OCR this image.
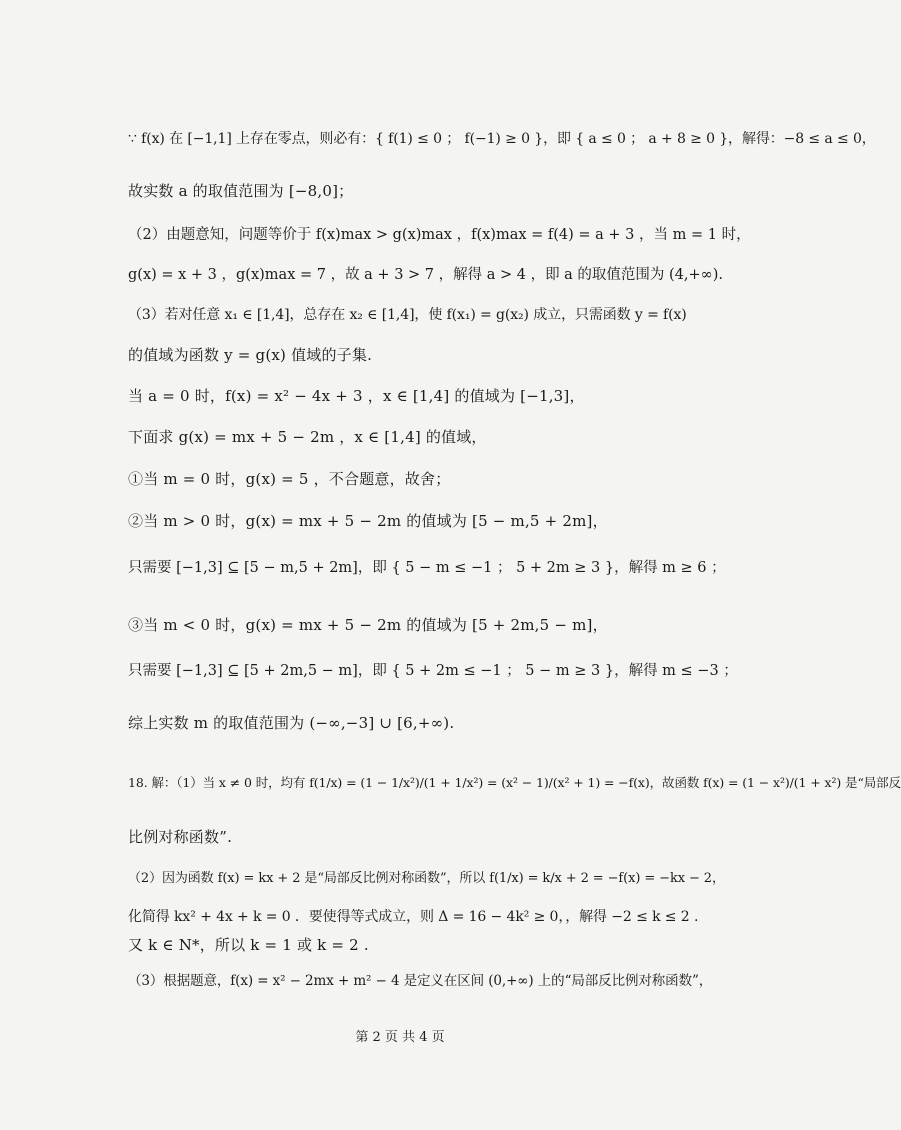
∵ f(x) 在 [−1,1] 上存在零点，则必有：{ f(1) ≤ 0 ； f(−1) ≥ 0 }，即 { a ≤ 0 ； a + 8 ≥ 0 }，解得：−8 ≤ a ≤ 0，
故实数 a 的取值范围为 [−8,0]；
（2）由题意知，问题等价于 f(x)max > g(x)max ，f(x)max = f(4) = a + 3 ，当 m = 1 时，
g(x) = x + 3 ，g(x)max = 7 ，故 a + 3 > 7 ，解得 a > 4 ，即 a 的取值范围为 (4,+∞).
（3）若对任意 x₁ ∈ [1,4]，总存在 x₂ ∈ [1,4]，使 f(x₁) = g(x₂) 成立，只需函数 y = f(x)
的值域为函数 y = g(x) 值域的子集.
当 a = 0 时，f(x) = x² − 4x + 3 ，x ∈ [1,4] 的值域为 [−1,3]，
下面求 g(x) = mx + 5 − 2m ，x ∈ [1,4] 的值域，
①当 m = 0 时，g(x) = 5 ，不合题意，故舍；
②当 m > 0 时，g(x) = mx + 5 − 2m 的值域为 [5 − m,5 + 2m]，
只需要 [−1,3] ⊆ [5 − m,5 + 2m]，即 { 5 − m ≤ −1 ； 5 + 2m ≥ 3 }，解得 m ≥ 6 ；
③当 m < 0 时，g(x) = mx + 5 − 2m 的值域为 [5 + 2m,5 − m]，
只需要 [−1,3] ⊆ [5 + 2m,5 − m]，即 { 5 + 2m ≤ −1 ； 5 − m ≥ 3 }，解得 m ≤ −3 ；
综上实数 m 的取值范围为 (−∞,−3] ∪ [6,+∞).
18. 解：（1）当 x ≠ 0 时，均有 f(1/x) = (1 − 1/x²)/(1 + 1/x²) = (x² − 1)/(x² + 1) = −f(x)，故函数 f(x) = (1 − x²)/(1 + x²) 是“局部反
比例对称函数”.
（2）因为函数 f(x) = kx + 2 是“局部反比例对称函数”，所以 f(1/x) = k/x + 2 = −f(x) = −kx − 2，
化简得 kx² + 4x + k = 0 ．要使得等式成立，则 Δ = 16 − 4k² ≥ 0，，解得 −2 ≤ k ≤ 2 .
又 k ∈ N*，所以 k = 1 或 k = 2 .
（3）根据题意，f(x) = x² − 2mx + m² − 4 是定义在区间 (0,+∞) 上的“局部反比例对称函数”，
第 2 页 共 4 页
